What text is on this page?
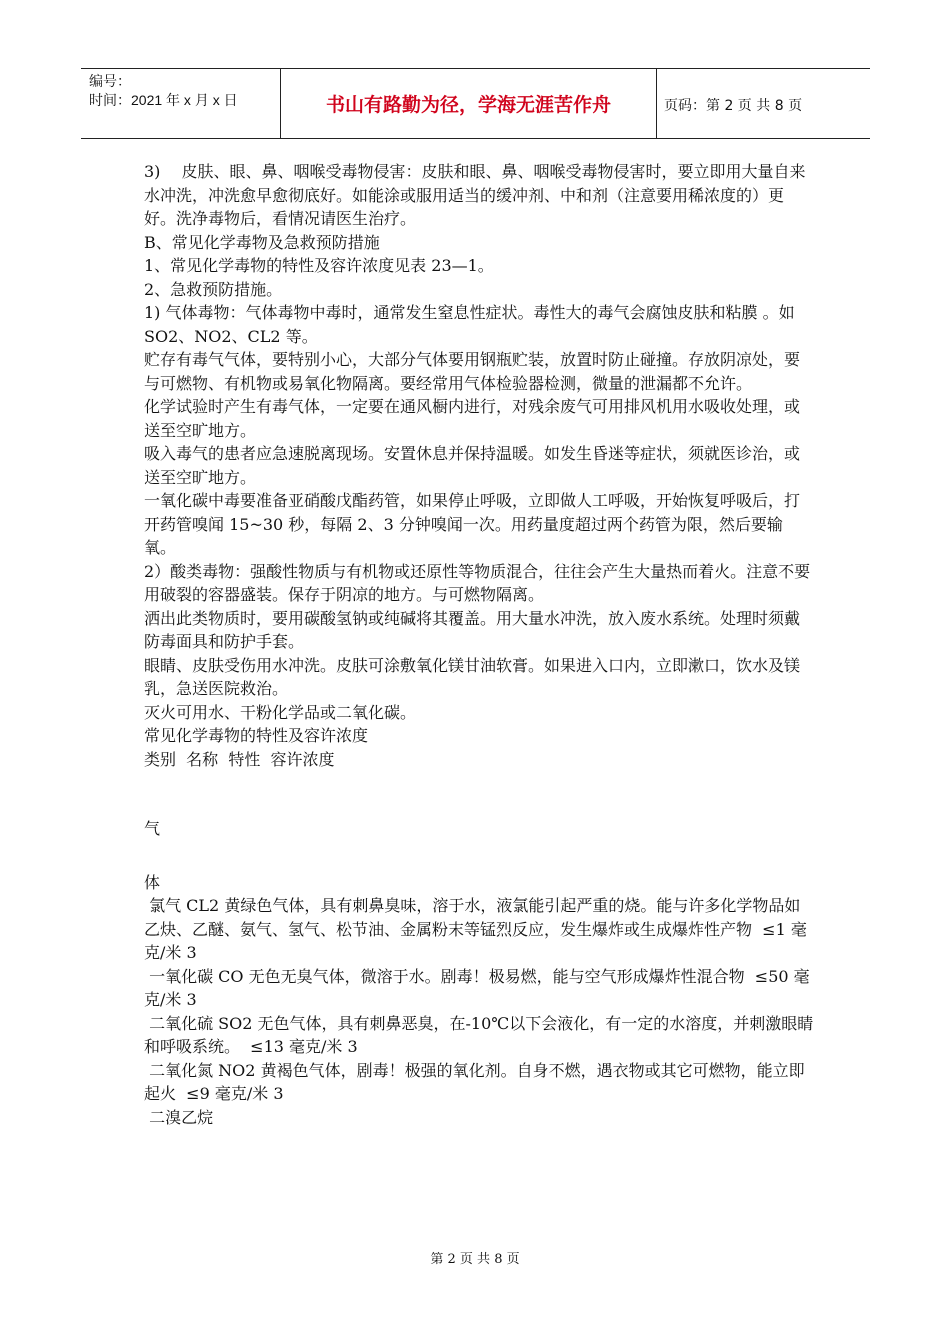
编号：
时间：2021 年 x 月 x 日	书山有路勤为径，学海无涯苦作舟	页码：第 2 页 共 8 页

3)　 皮肤、眼、鼻、咽喉受毒物侵害：皮肤和眼、鼻、咽喉受毒物侵害时，要立即用大量自来水冲洗，冲洗愈早愈彻底好。如能涂或服用适当的缓冲剂、中和剂（注意要用稀浓度的）更好。洗净毒物后，看情况请医生治疗。

B、常见化学毒物及急救预防措施

1、常见化学毒物的特性及容许浓度见表 23—1。

2、急救预防措施。

1) 气体毒物：气体毒物中毒时，通常发生窒息性症状。毒性大的毒气会腐蚀皮肤和粘膜 。如 SO2、NO2、CL2 等。

贮存有毒气气体，要特别小心，大部分气体要用钢瓶贮装，放置时防止碰撞。存放阴凉处，要与可燃物、有机物或易氧化物隔离。要经常用气体检验器检测，微量的泄漏都不允许。

化学试验时产生有毒气体，一定要在通风橱内进行，对残余废气可用排风机用水吸收处理，或送至空旷地方。

吸入毒气的患者应急速脱离现场。安置休息并保持温暖。如发生昏迷等症状，须就医诊治，或送至空旷地方。

一氧化碳中毒要准备亚硝酸戊酯药管，如果停止呼吸，立即做人工呼吸，开始恢复呼吸后，打开药管嗅闻 15~30 秒，每隔 2、3 分钟嗅闻一次。用药量度超过两个药管为限，然后要输氧。

2）酸类毒物：强酸性物质与有机物或还原性等物质混合，往往会产生大量热而着火。注意不要用破裂的容器盛装。保存于阴凉的地方。与可燃物隔离。

洒出此类物质时，要用碳酸氢钠或纯碱将其覆盖。用大量水冲洗，放入废水系统。处理时须戴防毒面具和防护手套。

眼睛、皮肤受伤用水冲洗。皮肤可涂敷氧化镁甘油软膏。如果进入口内，立即漱口，饮水及镁乳，急送医院救治。

灭火可用水、干粉化学品或二氧化碳。

常见化学毒物的特性及容许浓度

类别  名称  特性  容许浓度

气

体

氯气 CL2 黄绿色气体，具有刺鼻臭味，溶于水，液氯能引起严重的烧。能与许多化学物品如乙炔、乙醚、氨气、氢气、松节油、金属粉末等锰烈反应，发生爆炸或生成爆炸性产物  ≤1 毫克/米 3

一氧化碳 CO 无色无臭气体，微溶于水。剧毒！极易燃，能与空气形成爆炸性混合物  ≤50 毫克/米 3

二氧化硫 SO2 无色气体，具有刺鼻恶臭，在-10℃以下会液化，有一定的水溶度，并刺激眼睛和呼吸系统。  ≤13 毫克/米 3

二氧化氮 NO2 黄褐色气体，剧毒！极强的氧化剂。自身不燃，遇衣物或其它可燃物，能立即起火  ≤9 毫克/米 3

二溴乙烷

第 2 页 共 8 页
